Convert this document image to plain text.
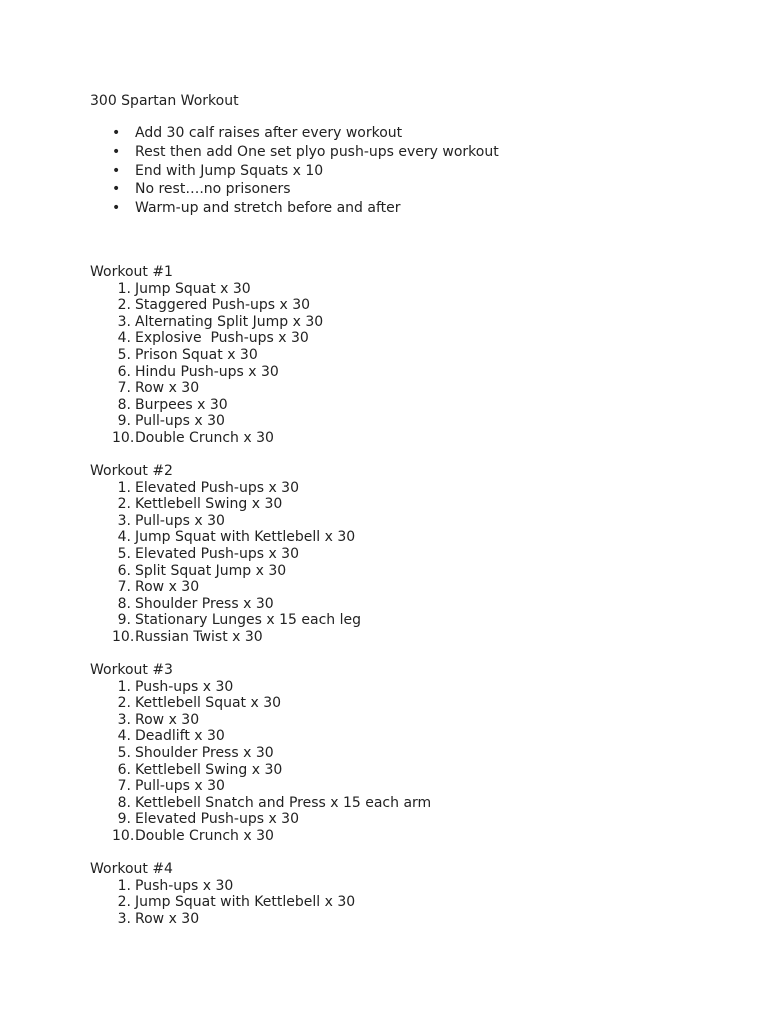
300 Spartan Workout
• Add 30 calf raises after every workout
• Rest then add One set plyo push-ups every workout
• End with Jump Squats x 10
• No rest….no prisoners
• Warm-up and stretch before and after
Workout #1
1. Jump Squat x 30
2. Staggered Push-ups x 30
3. Alternating Split Jump x 30
4. Explosive  Push-ups x 30
5. Prison Squat x 30
6. Hindu Push-ups x 30
7. Row x 30
8. Burpees x 30
9. Pull-ups x 30
10. Double Crunch x 30
Workout #2
1. Elevated Push-ups x 30
2. Kettlebell Swing x 30
3. Pull-ups x 30
4. Jump Squat with Kettlebell x 30
5. Elevated Push-ups x 30
6. Split Squat Jump x 30
7. Row x 30
8. Shoulder Press x 30
9. Stationary Lunges x 15 each leg
10. Russian Twist x 30
Workout #3
1. Push-ups x 30
2. Kettlebell Squat x 30
3. Row x 30
4. Deadlift x 30
5. Shoulder Press x 30
6. Kettlebell Swing x 30
7. Pull-ups x 30
8. Kettlebell Snatch and Press x 15 each arm
9. Elevated Push-ups x 30
10. Double Crunch x 30
Workout #4
1. Push-ups x 30
2. Jump Squat with Kettlebell x 30
3. Row x 30
